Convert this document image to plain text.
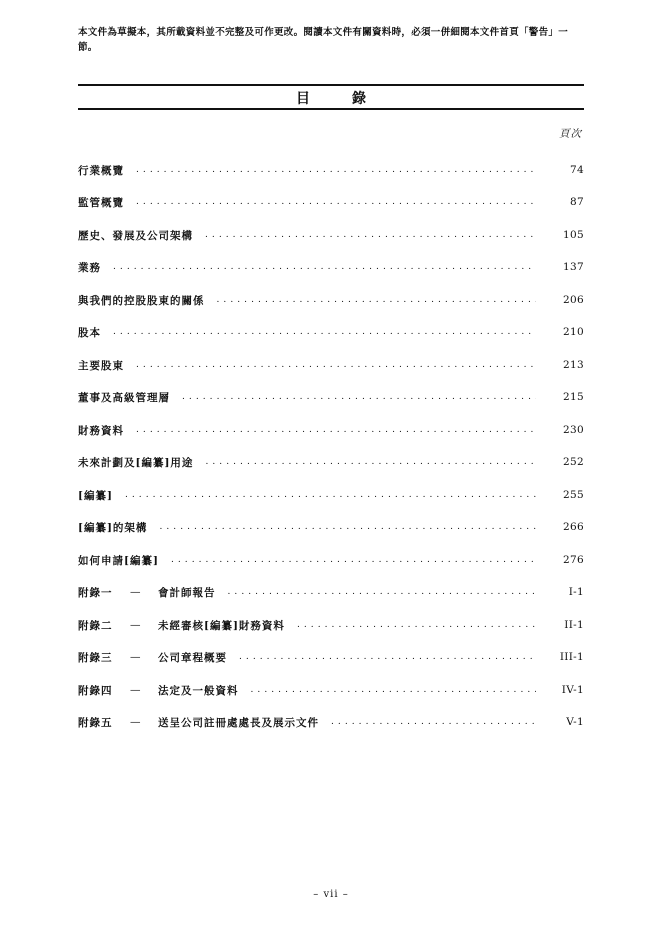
本文件為草擬本，其所載資料並不完整及可作更改。閱讀本文件有關資料時，必須一併細閱本文件首頁「警告」一節。
目　錄
頁次
行業概覽 . . .	74
監管概覽 . . .	87
歷史、發展及公司架構 . . .	105
業務 . . .	137
與我們的控股股東的關係 . . .	206
股本 . . .	210
主要股東 . . .	213
董事及高級管理層 . . .	215
財務資料 . . .	230
未來計劃及[編纂]用途 . . .	252
[編纂] . . .	255
[編纂]的架構 . . .	266
如何申請[編纂] . . .	276
附錄一	—	會計師報告 . . .	I-1
附錄二	—	未經審核[編纂]財務資料 . . .	II-1
附錄三	—	公司章程概要 . . .	III-1
附錄四	—	法定及一般資料 . . .	IV-1
附錄五	—	送呈公司註冊處處長及展示文件 . . .	V-1
– vii –
